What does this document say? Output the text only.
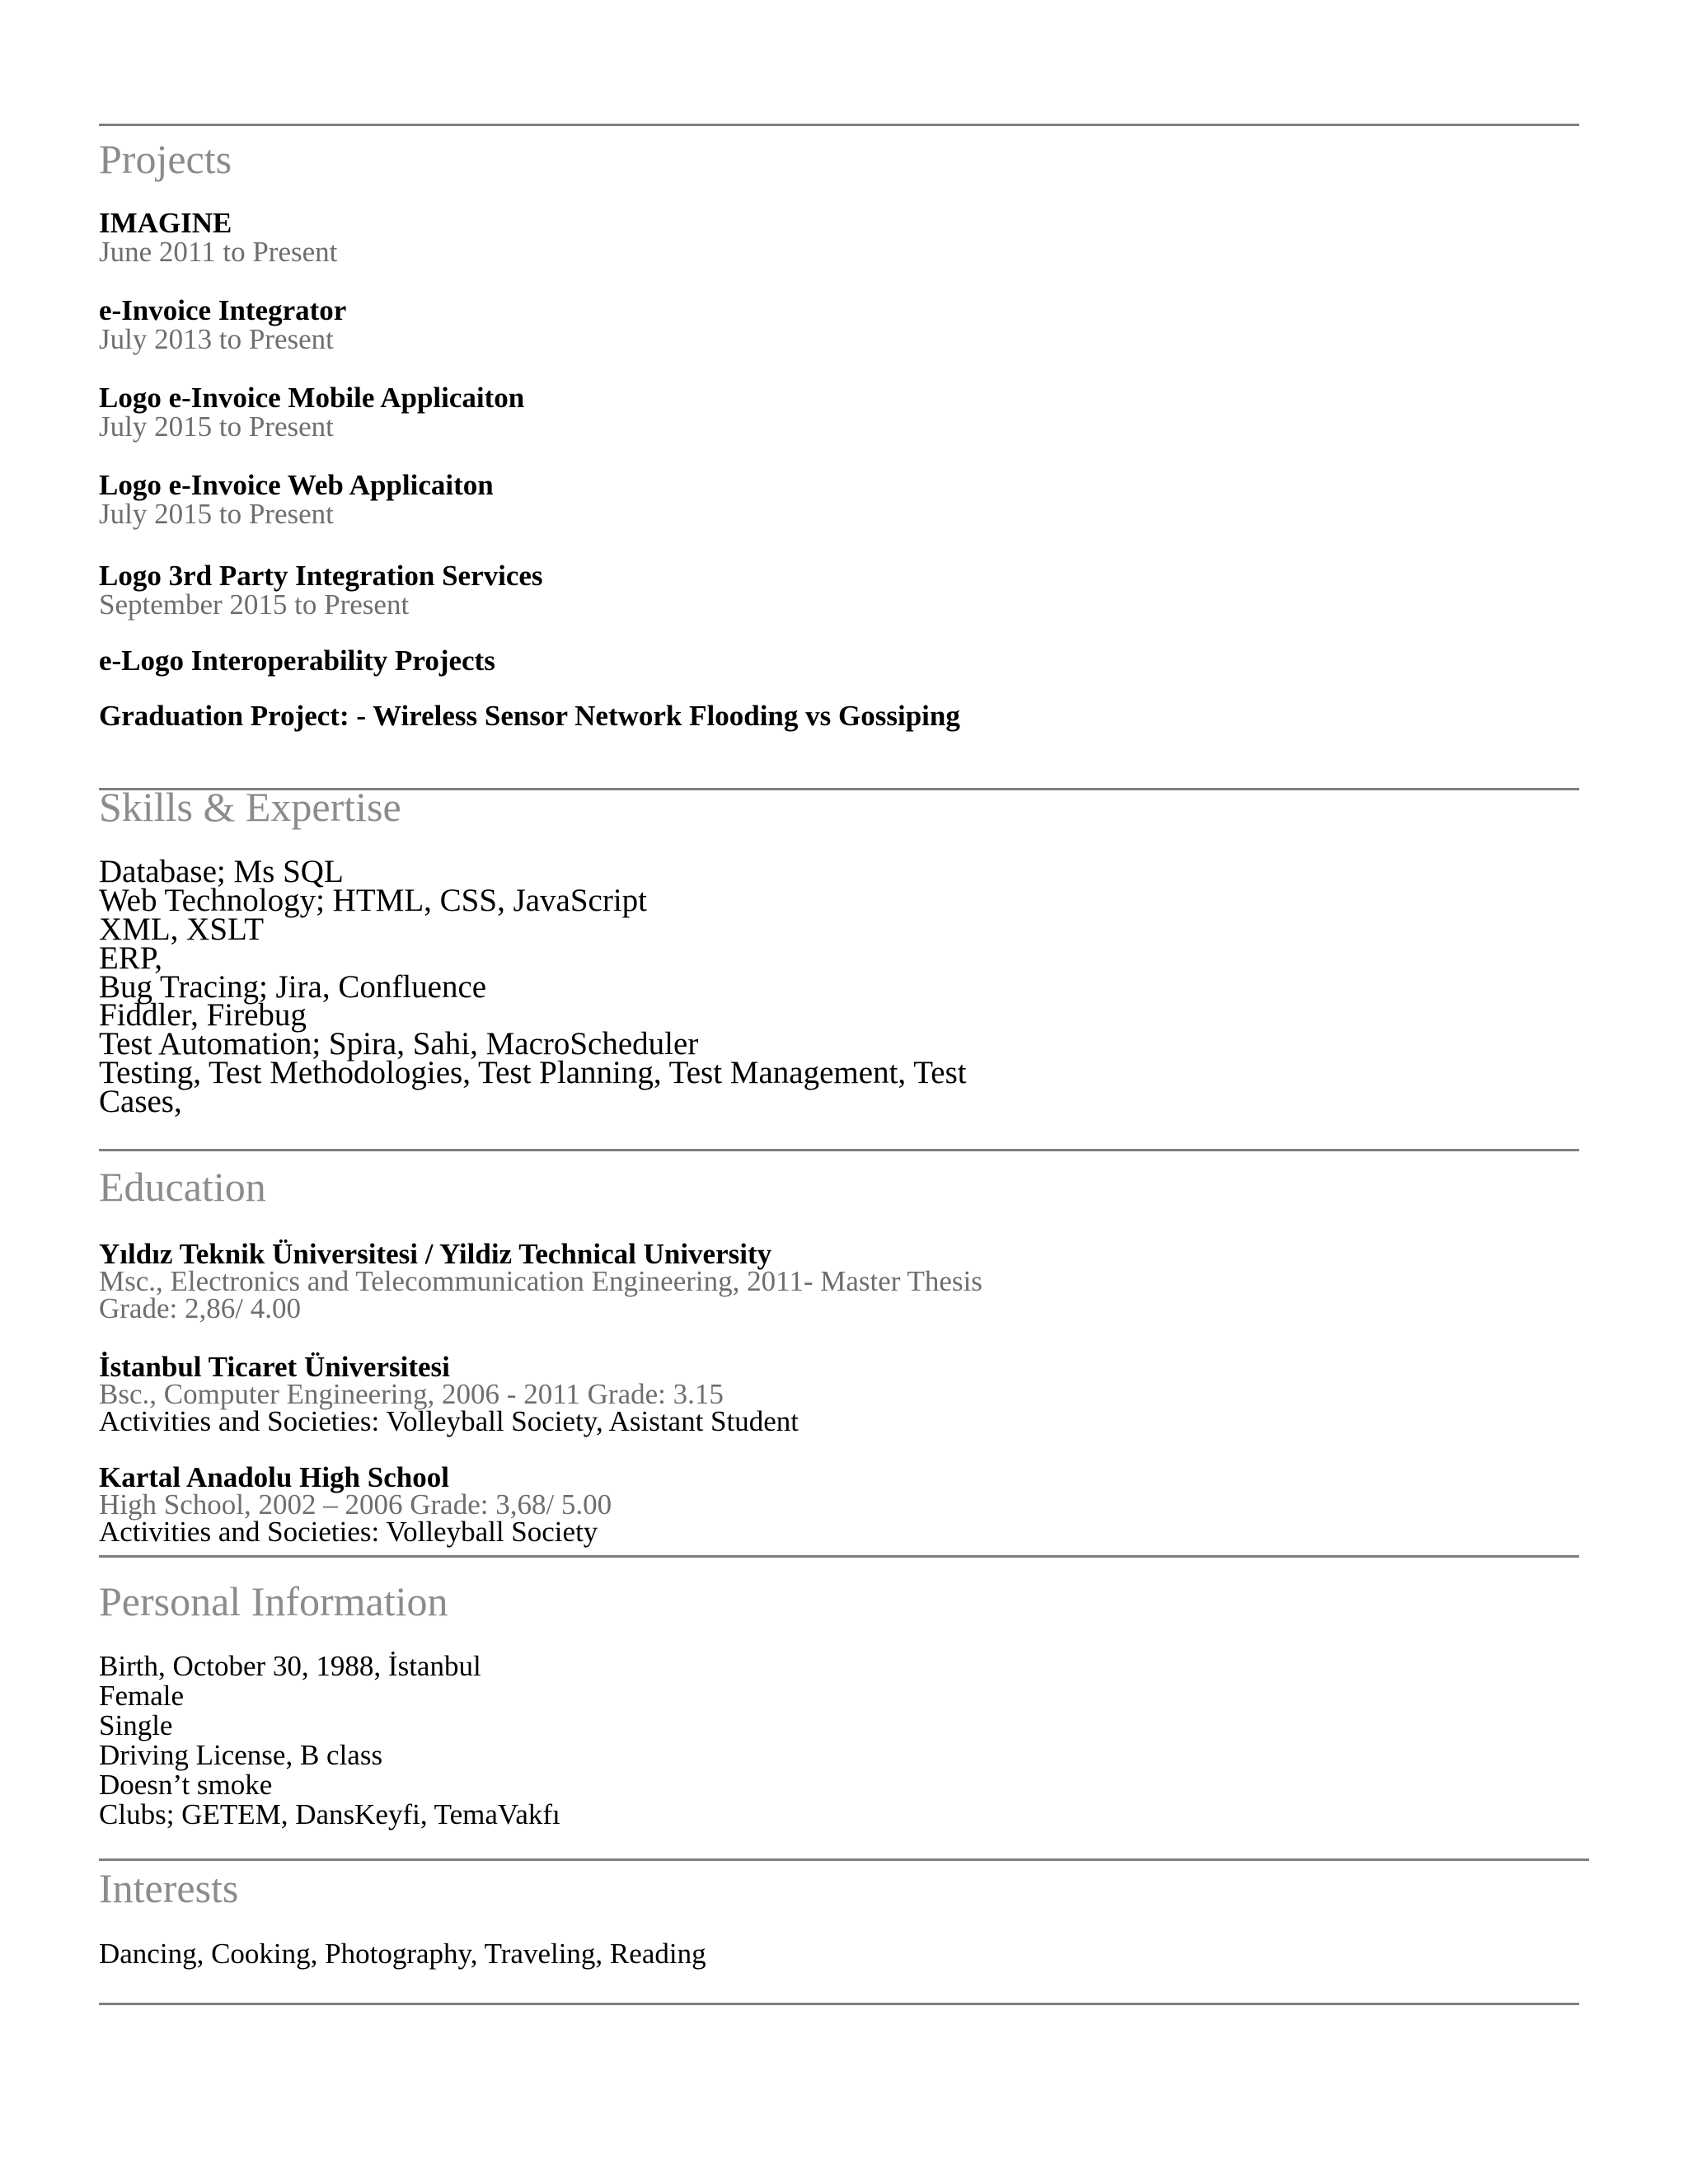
Projects
IMAGINE
June 2011 to Present
e-Invoice Integrator
July 2013 to Present
Logo e-Invoice Mobile Applicaiton
July 2015 to Present
Logo e-Invoice Web Applicaiton
July 2015 to Present
Logo 3rd Party Integration Services
September 2015 to Present
e-Logo Interoperability Projects
Graduation Project: - Wireless Sensor Network Flooding vs Gossiping
Skills & Expertise
Database; Ms SQL
Web Technology; HTML, CSS, JavaScript
XML, XSLT
ERP,
Bug Tracing; Jira, Confluence
Fiddler, Firebug
Test Automation; Spira, Sahi, MacroScheduler
Testing, Test Methodologies, Test Planning, Test Management, Test
Cases,
Education
Yıldız Teknik Üniversitesi / Yildiz Technical University
Msc., Electronics and Telecommunication Engineering, 2011- Master Thesis
Grade: 2,86/ 4.00
İstanbul Ticaret Üniversitesi
Bsc., Computer Engineering, 2006 - 2011 Grade: 3.15
Activities and Societies: Volleyball Society, Asistant Student
Kartal Anadolu High School
High School, 2002 – 2006 Grade: 3,68/ 5.00
Activities and Societies: Volleyball Society
Personal Information
Birth, October 30, 1988, İstanbul
Female
Single
Driving License, B class
Doesn’t smoke
Clubs; GETEM, DansKeyfi, TemaVakfı
Interests
Dancing, Cooking, Photography, Traveling, Reading
